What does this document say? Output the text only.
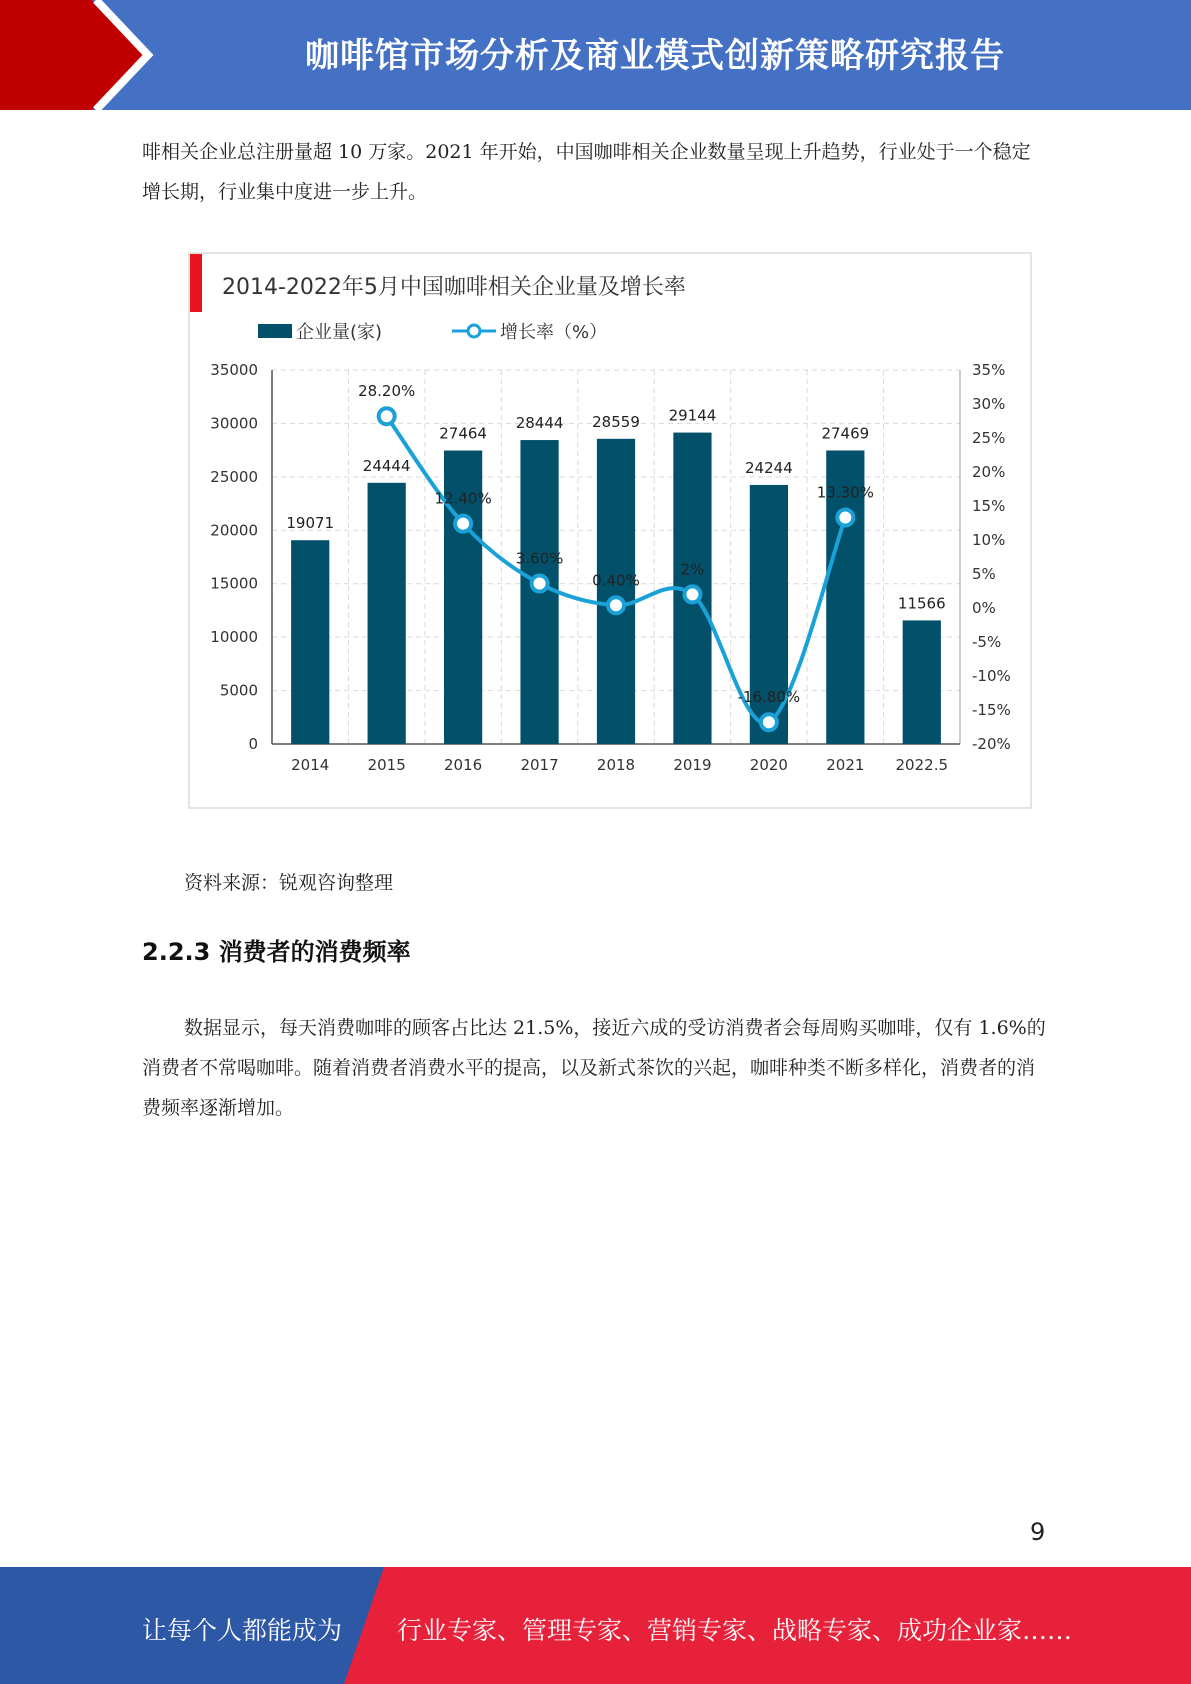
咖啡馆市场分析及商业模式创新策略研究报告
啡相关企业总注册量超 10 万家。2021 年开始，中国咖啡相关企业数量呈现上升趋势，行业处于一个稳定增长期，行业集中度进一步上升。
2014-2022年5月中国咖啡相关企业量及增长率
企业量(家)	增长率（%）
0
5000
10000
15000
20000
25000
30000
35000
-20%
-15%
-10%
-5%
0%
5%
10%
15%
20%
25%
30%
35%
19071
24444
27464
28444 28559 29144
24244
27469
11566
2014	2015	2016	2017	2018	2019	2020	2021 2022.5
28.20%
12.40%
3.60%
0.40%
2%
-16.80%
13.30%
资料来源：锐观咨询整理
2.2.3 消费者的消费频率
数据显示，每天消费咖啡的顾客占比达 21.5%，接近六成的受访消费者会每周购买咖啡，仅有 1.6%的消费者不常喝咖啡。随着消费者消费水平的提高，以及新式茶饮的兴起，咖啡种类不断多样化，消费者的消费频率逐渐增加。
9
让每个人都能成为 行业专家、管理专家、营销专家、战略专家、成功企业家……
